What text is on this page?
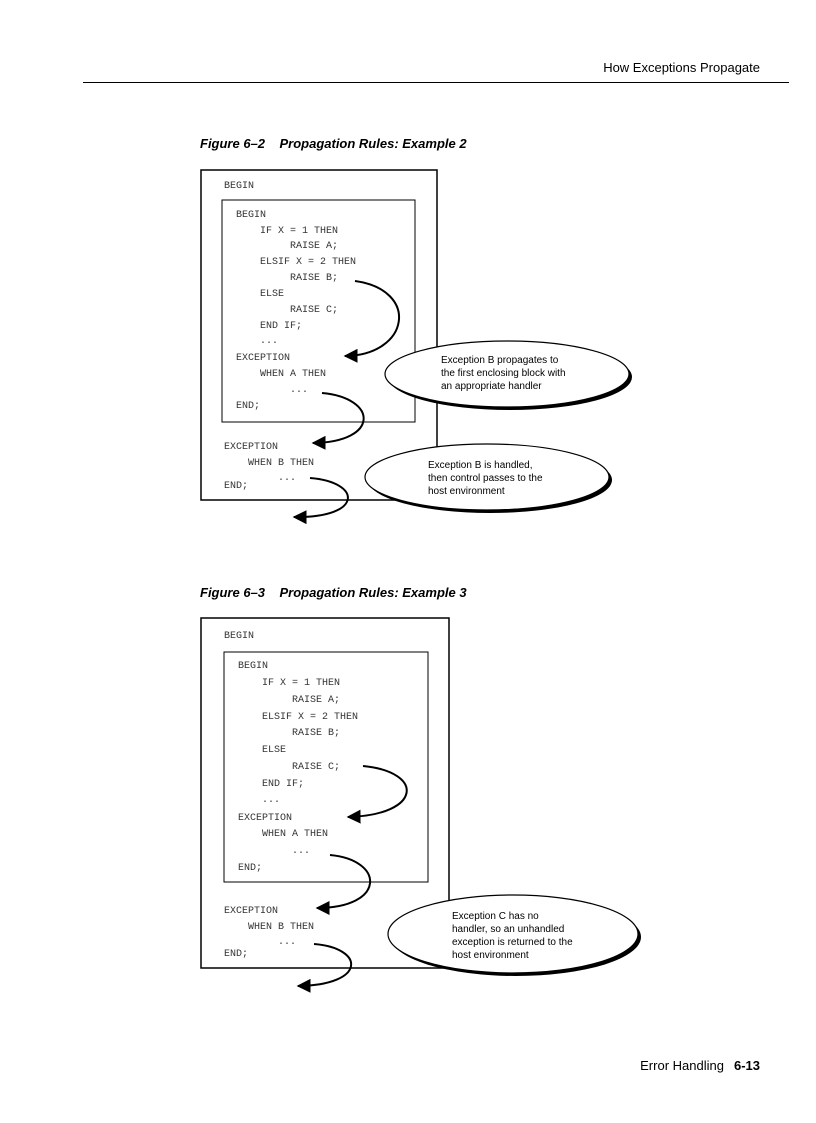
How Exceptions Propagate
Figure 6–2    Propagation Rules: Example 2
BEGIN
BEGIN
IF X = 1 THEN
RAISE A;
ELSIF X = 2 THEN
RAISE B;
ELSE
RAISE C;
END IF;
...
EXCEPTION
WHEN A THEN
...
END;
EXCEPTION
WHEN B THEN
...
END;
Exception B propagates to
the first enclosing block with
an appropriate handler
Exception B is handled,
then control passes to the
host environment
Figure 6–3    Propagation Rules: Example 3
BEGIN
BEGIN
IF X = 1 THEN
RAISE A;
ELSIF X = 2 THEN
RAISE B;
ELSE
RAISE C;
END IF;
...
EXCEPTION
WHEN A THEN
...
END;
EXCEPTION
WHEN B THEN
...
END;
Exception C has no
handler, so an unhandled
exception is returned to the
host environment
Error Handling 6-13
